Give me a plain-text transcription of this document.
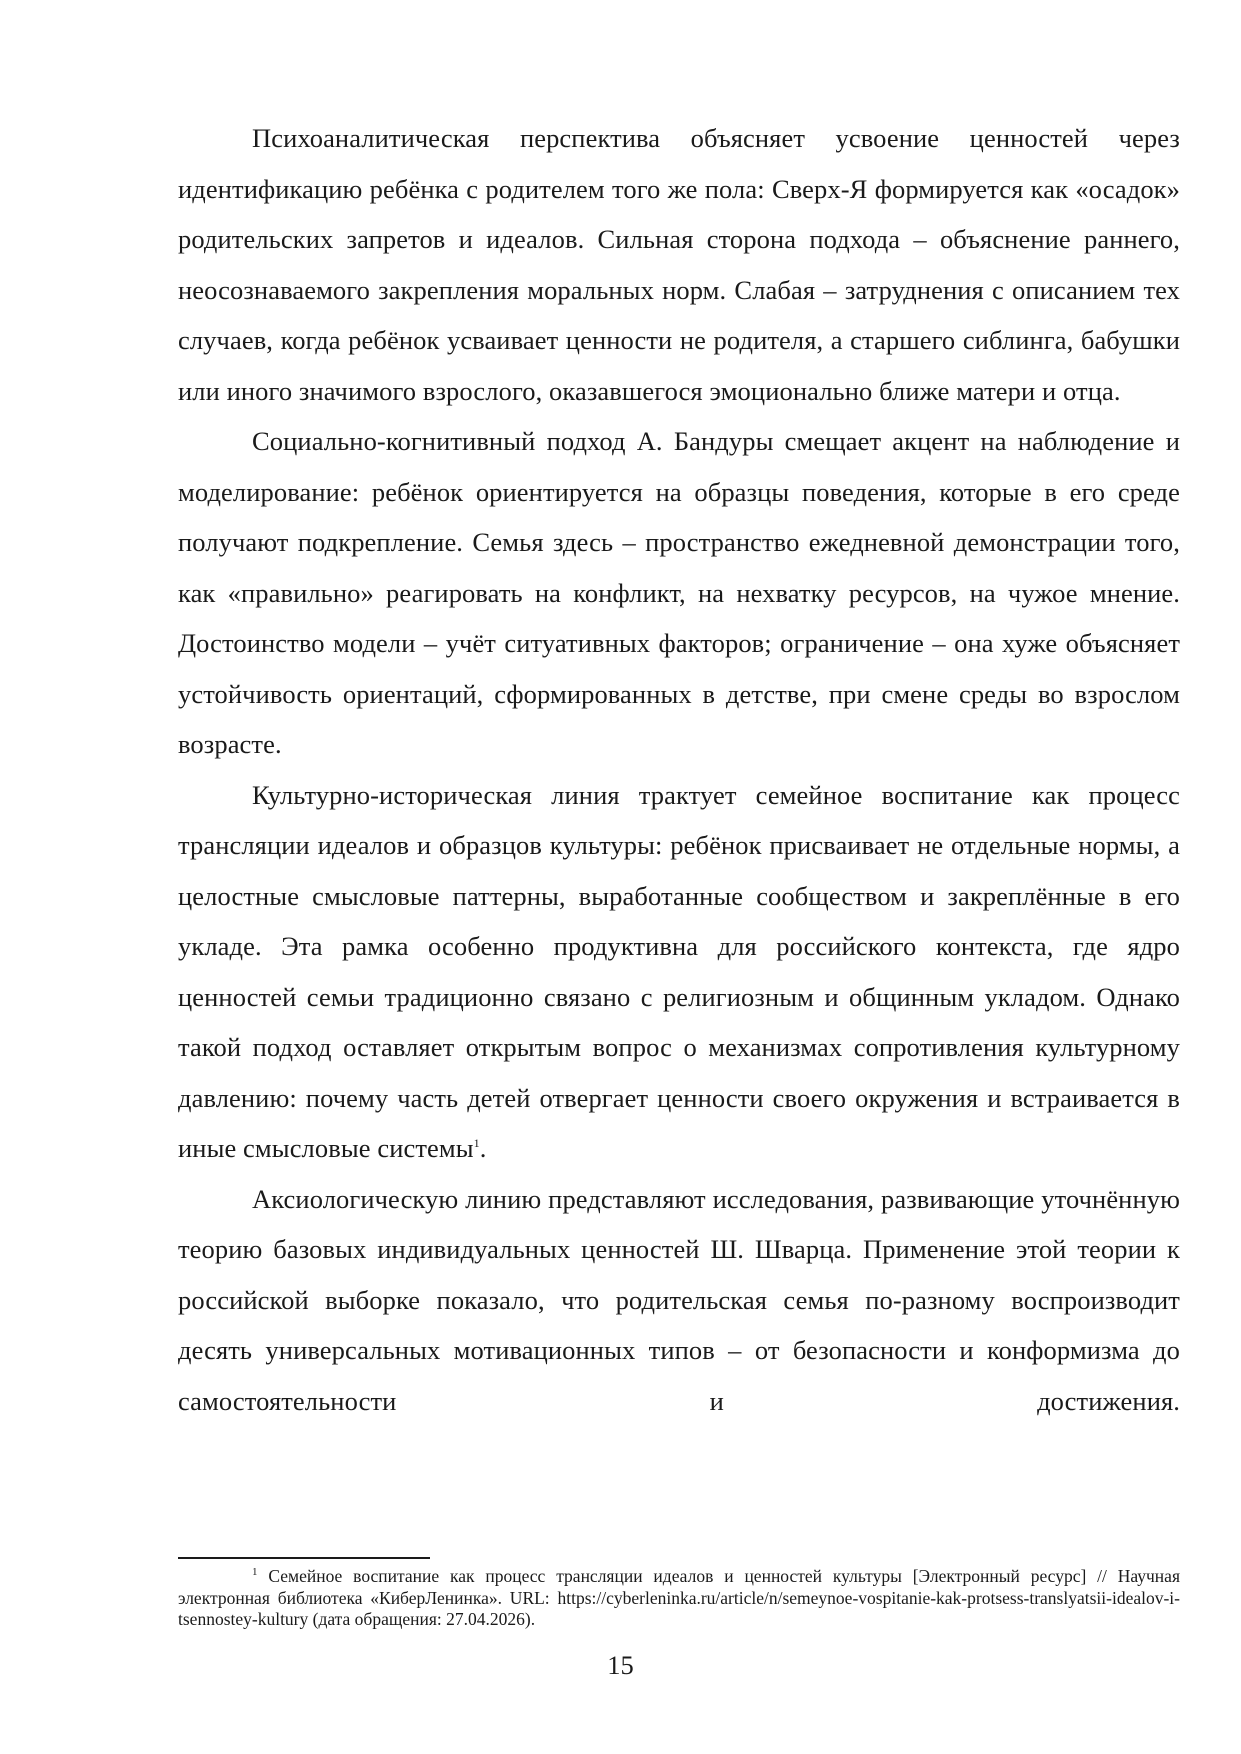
Психоаналитическая перспектива объясняет усвоение ценностей через идентификацию ребёнка с родителем того же пола: Сверх-Я формируется как «осадок» родительских запретов и идеалов. Сильная сторона подхода – объяснение раннего, неосознаваемого закрепления моральных норм. Слабая – затруднения с описанием тех случаев, когда ребёнок усваивает ценности не родителя, а старшего сиблинга, бабушки или иного значимого взрослого, оказавшегося эмоционально ближе матери и отца.

Социально-когнитивный подход А. Бандуры смещает акцент на наблюдение и моделирование: ребёнок ориентируется на образцы поведения, которые в его среде получают подкрепление. Семья здесь – пространство ежедневной демонстрации того, как «правильно» реагировать на конфликт, на нехватку ресурсов, на чужое мнение. Достоинство модели – учёт ситуативных факторов; ограничение – она хуже объясняет устойчивость ориентаций, сформированных в детстве, при смене среды во взрослом возрасте.

Культурно-историческая линия трактует семейное воспитание как процесс трансляции идеалов и образцов культуры: ребёнок присваивает не отдельные нормы, а целостные смысловые паттерны, выработанные сообществом и закреплённые в его укладе. Эта рамка особенно продуктивна для российского контекста, где ядро ценностей семьи традиционно связано с религиозным и общинным укладом. Однако такой подход оставляет открытым вопрос о механизмах сопротивления культурному давлению: почему часть детей отвергает ценности своего окружения и встраивается в иные смысловые системы$^1$.

Аксиологическую линию представляют исследования, развивающие уточнённую теорию базовых индивидуальных ценностей Ш. Шварца. Применение этой теории к российской выборке показало, что родительская семья по-разному воспроизводит десять универсальных мотивационных типов – от безопасности и конформизма до самостоятельности и достижения.

$^1$ Семейное воспитание как процесс трансляции идеалов и ценностей культуры [Электронный ресурс] // Научная электронная библиотека «КиберЛенинка». URL: https://cyberleninka.ru/article/n/semeynoe-vospitanie-kak-protsess-translyatsii-idealov-i-tsennostey-kultury (дата обращения: 27.04.2026).

15
